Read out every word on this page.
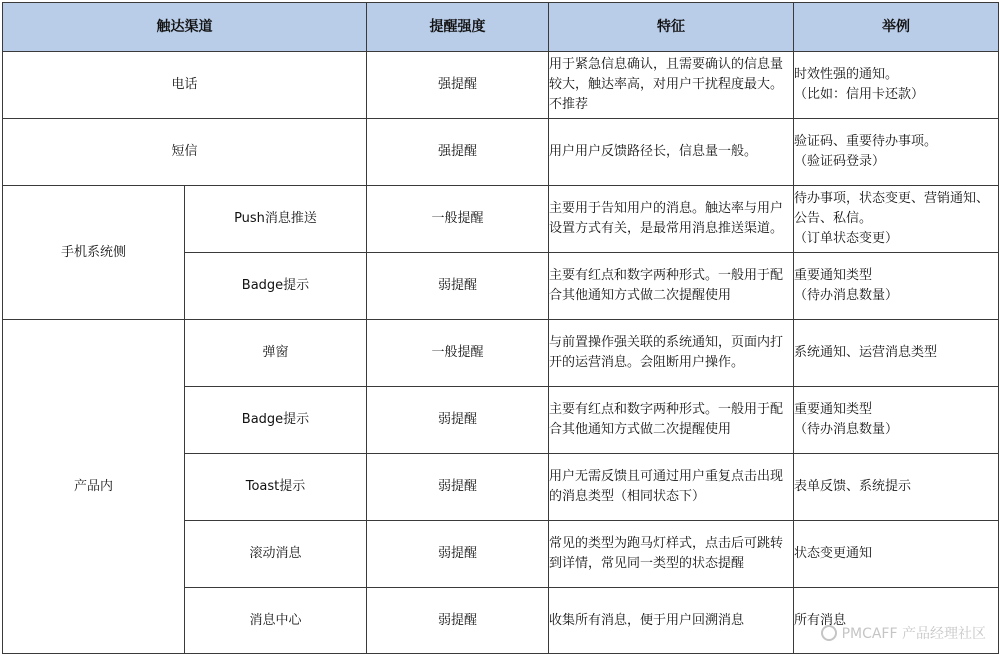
触达渠道		提醒强度	特征	举例
电话		强提醒	用于紧急信息确认，且需要确认的信息量较大，触达率高，对用户干扰程度最大。不推荐	时效性强的通知。
（比如：信用卡还款）

短信		强提醒	用户用户反馈路径长，信息量一般。	验证码、重要待办事项。
（验证码登录）

手机系统侧	Push消息推送	一般提醒	主要用于告知用户的消息。触达率与用户设置方式有关，是最常用消息推送渠道。	待办事项，状态变更、营销通知、公告、私信。
（订单状态变更）

	Badge提示	弱提醒	主要有红点和数字两种形式。一般用于配合其他通知方式做二次提醒使用	重要通知类型
（待办消息数量）

产品内	弹窗	一般提醒	与前置操作强关联的系统通知，页面内打开的运营消息。会阻断用户操作。	系统通知、运营消息类型

	Badge提示	弱提醒	主要有红点和数字两种形式。一般用于配合其他通知方式做二次提醒使用	重要通知类型
（待办消息数量）

	Toast提示	弱提醒	用户无需反馈且可通过用户重复点击出现的消息类型（相同状态下）	表单反馈、系统提示

	滚动消息	弱提醒	常见的类型为跑马灯样式，点击后可跳转到详情，常见同一类型的状态提醒	状态变更通知

	消息中心	弱提醒	收集所有消息，便于用户回溯消息	所有消息
PMCAFF 产品经理社区
